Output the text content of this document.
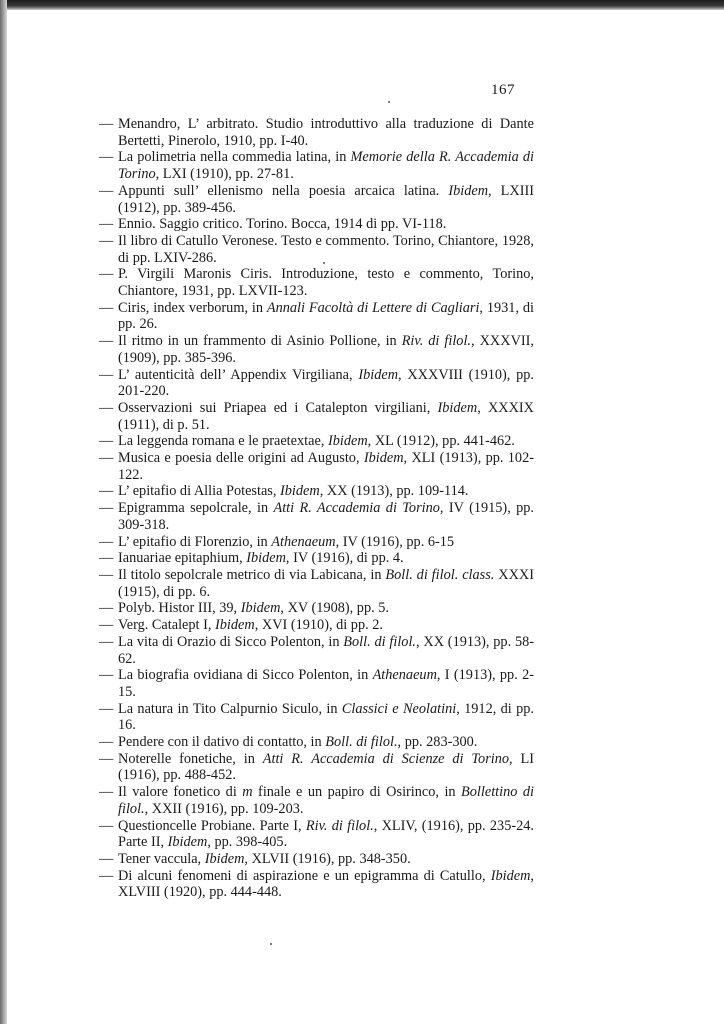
167
— Menandro, L’ arbitrato. Studio introduttivo alla traduzione di Dante Bertetti, Pinerolo, 1910, pp. I-40.
— La polimetria nella commedia latina, in Memorie della R. Accademia di Torino, LXI (1910), pp. 27-81.
— Appunti sull’ ellenismo nella poesia arcaica latina. Ibidem, LXIII (1912), pp. 389-456.
— Ennio. Saggio critico. Torino. Bocca, 1914 di pp. VI-118.
— Il libro di Catullo Veronese. Testo e commento. Torino, Chiantore, 1928, di pp. LXIV-286.
— P. Virgili Maronis Ciris. Introduzione, testo e commento, Torino, Chiantore, 1931, pp. LXVII-123.
— Ciris, index verborum, in Annali Facoltà di Lettere di Cagliari, 1931, di pp. 26.
— Il ritmo in un frammento di Asinio Pollione, in Riv. di filol., XXXVII, (1909), pp. 385-396.
— L’ autenticità dell’ Appendix Virgiliana, Ibidem, XXXVIII (1910), pp. 201-220.
— Osservazioni sui Priapea ed i Catalepton virgiliani, Ibidem, XXXIX (1911), di p. 51.
— La leggenda romana e le praetextae, Ibidem, XL (1912), pp. 441-462.
— Musica e poesia delle origini ad Augusto, Ibidem, XLI (1913), pp. 102-122.
— L’ epitafio di Allia Potestas, Ibidem, XX (1913), pp. 109-114.
— Epigramma sepolcrale, in Atti R. Accademia di Torino, IV (1915), pp. 309-318.
— L’ epitafio di Florenzio, in Athenaeum, IV (1916), pp. 6-15
— Ianuariae epitaphium, Ibidem, IV (1916), di pp. 4.
— Il titolo sepolcrale metrico di via Labicana, in Boll. di filol. class. XXXI (1915), di pp. 6.
— Polyb. Histor III, 39, Ibidem, XV (1908), pp. 5.
— Verg. Catalept I, Ibidem, XVI (1910), di pp. 2.
— La vita di Orazio di Sicco Polenton, in Boll. di filol., XX (1913), pp. 58-62.
— La biografia ovidiana di Sicco Polenton, in Athenaeum, I (1913), pp. 2-15.
— La natura in Tito Calpurnio Siculo, in Classici e Neolatini, 1912, di pp. 16.
— Pendere con il dativo di contatto, in Boll. di filol., pp. 283-300.
— Noterelle fonetiche, in Atti R. Accademia di Scienze di Torino, LI (1916), pp. 488-452.
— Il valore fonetico di m finale e un papiro di Osirinco, in Bollettino di filol., XXII (1916), pp. 109-203.
— Questioncelle Probiane. Parte I, Riv. di filol., XLIV, (1916), pp. 235-24. Parte II, Ibidem, pp. 398-405.
— Tener vaccula, Ibidem, XLVII (1916), pp. 348-350.
— Di alcuni fenomeni di aspirazione e un epigramma di Catullo, Ibidem, XLVIII (1920), pp. 444-448.
